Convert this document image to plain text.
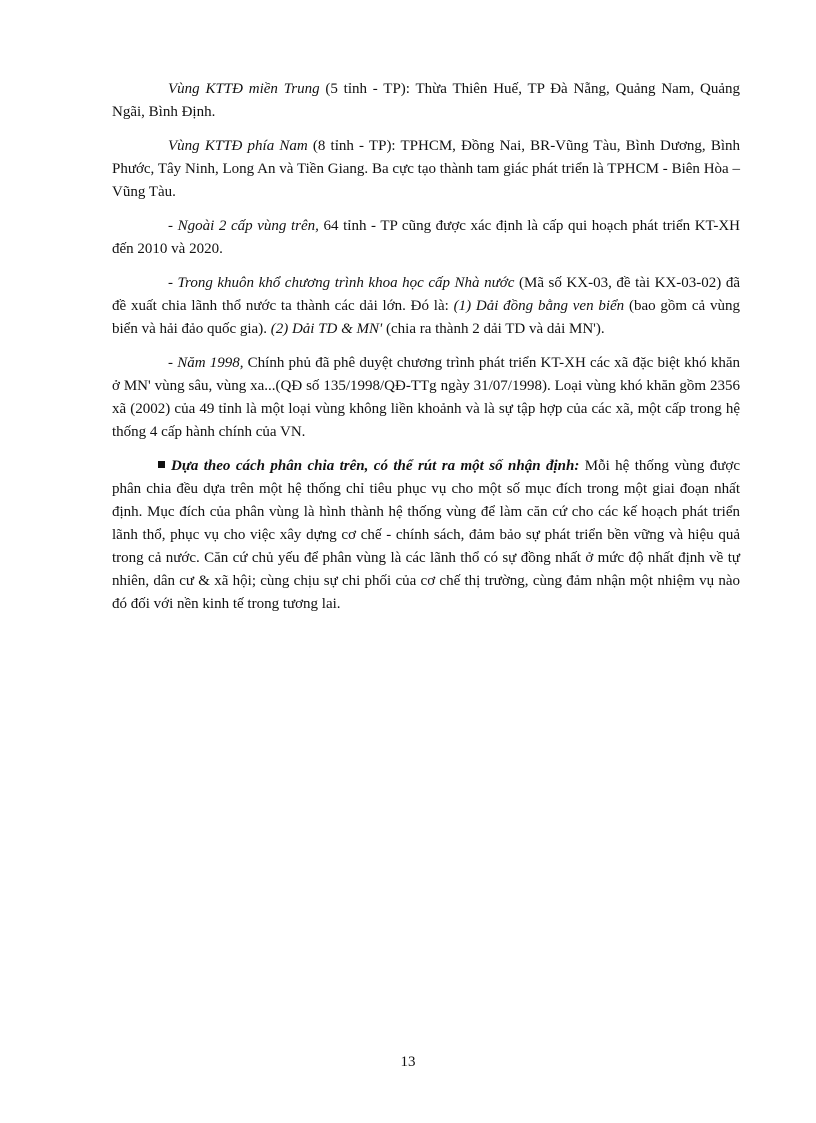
Vùng KTTĐ miền Trung (5 tỉnh - TP): Thừa Thiên Huế, TP Đà Nẵng, Quảng Nam, Quảng Ngãi, Bình Định.

Vùng KTTĐ phía Nam (8 tỉnh - TP): TPHCM, Đồng Nai, BR-Vũng Tàu, Bình Dương, Bình Phước, Tây Ninh, Long An và Tiền Giang. Ba cực tạo thành tam giác phát triển là TPHCM - Biên Hòa – Vũng Tàu.

- Ngoài 2 cấp vùng trên, 64 tỉnh - TP cũng được xác định là cấp qui hoạch phát triển KT-XH đến 2010 và 2020.

- Trong khuôn khổ chương trình khoa học cấp Nhà nước (Mã số KX-03, đề tài KX-03-02) đã đề xuất chia lãnh thổ nước ta thành các dải lớn. Đó là: (1) Dải đồng bằng ven biển (bao gồm cả vùng biển và hải đảo quốc gia). (2) Dải TD & MN' (chia ra thành 2 dải TD và dải MN').

- Năm 1998, Chính phủ đã phê duyệt chương trình phát triển KT-XH các xã đặc biệt khó khăn ở MN' vùng sâu, vùng xa...(QĐ số 135/1998/QĐ-TTg ngày 31/07/1998). Loại vùng khó khăn gồm 2356 xã (2002) của 49 tỉnh là một loại vùng không liền khoảnh và là sự tập hợp của các xã, một cấp trong hệ thống 4 cấp hành chính của VN.

Dựa theo cách phân chia trên, có thể rút ra một số nhận định: Mỗi hệ thống vùng được phân chia đều dựa trên một hệ thống chỉ tiêu phục vụ cho một số mục đích trong một giai đoạn nhất định. Mục đích của phân vùng là hình thành hệ thống vùng để làm căn cứ cho các kế hoạch phát triển lãnh thổ, phục vụ cho việc xây dựng cơ chế - chính sách, đảm bảo sự phát triển bền vững và hiệu quả trong cả nước. Căn cứ chủ yếu để phân vùng là các lãnh thổ có sự đồng nhất ở mức độ nhất định về tự nhiên, dân cư & xã hội; cùng chịu sự chi phối của cơ chế thị trường, cùng đảm nhận một nhiệm vụ nào đó đối với nền kinh tế trong tương lai.

13
